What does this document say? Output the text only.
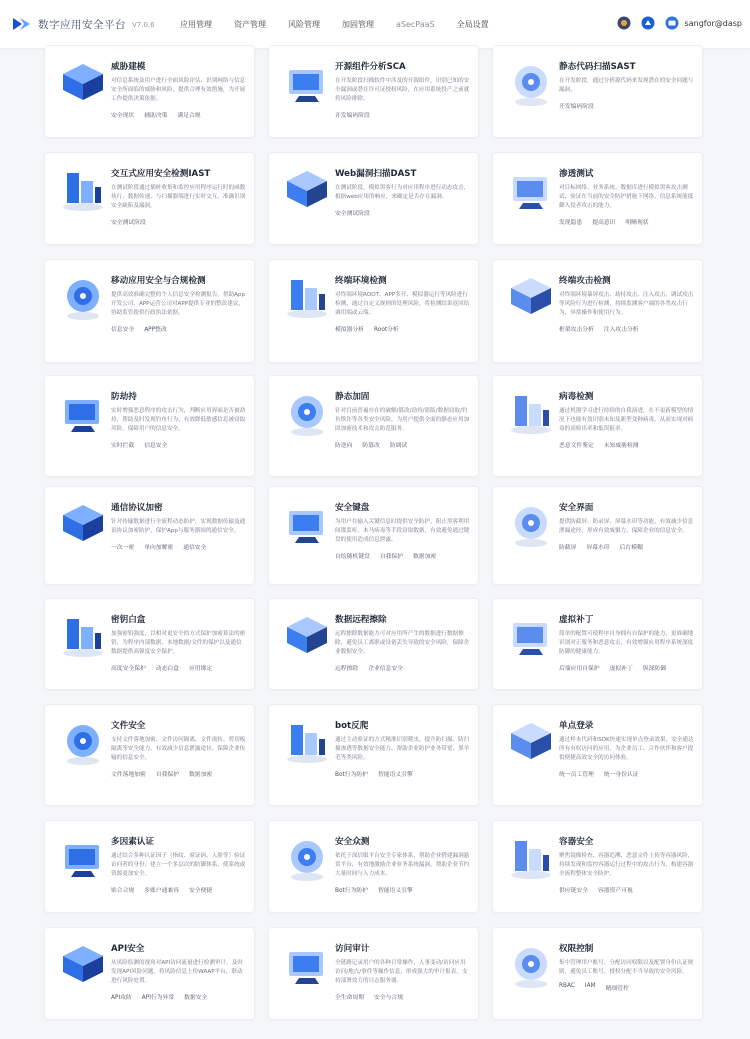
数字应用安全平台 V7.0.6	应用管理	资产管理	风险管理	加固管理	aSecPaaS	全局设置	sangfor@dasp
威胁建模
对信息系统及用户进行全面风险评估、识别网络与信息安全所面临的威胁和风险，提供合理有效措施，为开展工作提供决策依据。
安全现状 辅助决策 满足合规
开源组件分析SCA
在开发阶段扫描软件中涉及的开源组件，识别已知的安全漏洞或潜在许可证授权风险，在应用系统投产之前就将风险排除。
开发编码阶段
静态代码扫描SAST
在开发阶段，通过分析源代码来发现潜在的安全问题与漏洞。
开发编码阶段
交互式应用安全检测IAST
在测试阶段通过插桩收集和监控应用程序运行时的函数执行、数据传递、与扫描器端进行实时交互，准确识别安全缺陷及漏洞。
安全测试阶段
Web漏洞扫描DAST
在测试阶段，模拟黑客行为对应用程序进行动态攻击，根据web应用的响应，来确定是否存在漏洞。
安全测试阶段
渗透测试
对目标网络、业务系统、数据库进行模拟黑客攻击测试，验证在当前的安全防护措施下网络、信息系统能抵御入侵者攻击的能力。
发现隐患 提高意识 明晰现状
移动应用安全与合规检测
提供高效准确完整的个人信息安全检测报告，帮助App开发公司、APP运营公司对APP提供专业的整改建议，协助监管提供行政执法依据。
信息安全 APP整改
终端环境检测
对终端环境ROOT、APP多开、模拟器运行等风险进行检测，通过自定义规则的处理风险，将检测结果返回给调用端或云端。
模拟器分析 Root分析
终端攻击检测
对终端环境暴屏攻击、劫持攻击、注入攻击、调试攻击等风险行为进行检测，持续监测客户端的各类攻击行为，异常操作和使用行为。
框架攻击分析 注入攻击分析
防劫持
实时增强恶意程序的攻击行为，判断应用界面是否被劫持，帮助及时发现钓鱼行为，有效降低敏感信息被窃取风险，保障用户的信息安全。
实时拦截 信息安全
静态加固
针对目前普遍存在的破解/篡改/劫持/盗版/数据窃取/钓鱼欺诈等各类安全风险，为用户提供全面的静态应用加固加密技术和攻击防范服务。
防逆向 防篡改 防调试
病毒检测
通过机器学习进行持续的自我演进，在不更新模型的情况下也能有效识别未知及新型变种病毒，从而实现对病毒的高检出率和低误报率。
恶意文件鉴定 未知威胁检测
通信协议加密
针对传输数据进行全流程动态防护，实现数据传输及通讯协议加密防护，保护App与服务器间的通信安全。
一次一密 单向加解密 通信安全
安全键盘
为用户在输入关键信息时提供安全防护，阻止黑客利用间谍监听、木马病毒等手段窃取数据，有效避免通过键盘的使用造成信息泄露。
自绘随机键盘 自我保护 数据加密
安全界面
提供防截屏、防录屏、屏幕水印等功能，有效减少信息泄漏途径，形成有效威慑力，保障企业的信息安全。
防截屏 屏幕水印 后台模糊
密钥白盒
加强密钥强度，以相对更安全的方式保护加密算法的密钥，为程序内部数据、本地数据/文件的保护以及通信数据提供高强度安全保护。
高度安全保护 动态白盒 应用绑定
数据远程擦除
远程擦除数据能力可对应用所产生的数据进行数据擦除，避免员工离职或设备丢失导致的安全风险，保障企业数据安全。
远程擦除 企业信息安全
虚拟补丁
简单的配置可使程序自身拥有自保护的能力，更准确地识别对正服务和恶意攻击，有效增强应用程序系统深度防御的健康能力。
后端应用自保护 虚拟补丁 纵深防御
文件安全
支持文件落地加密、文件访问隔离、文件流转、剪切板隔离等安全能力，有效减少信息泄露途径，保障企业传输的信息安全。
文件落地加密 自我保护 数据加密
bot反爬
通过主动验证的方式精准识别爬虫，提升防扫描、防扫描渗透等数据安全能力，帮助企业防护业务带宽、黑羊毛等类风险。
Bot行为防护 智能语义引擎
单点登录
通过样本代码和SDK快速实现单点登录效果，安全通达所有有权访问的应用，为企业员工、合作伙伴和客户提供便捷高效安全的访问体验。
统一员工管理 统一身份认证
多因素认证
通过结合多种认证因子（指纹、验证码、人脸等）验证访问者的身份，建立一个多层次的防御体系，使系统或资源更加安全。
贴合合规 多账户通兼容 安全便捷
安全众测
依托于深信服平台安全专家体系，帮助企业搭建漏洞悬赏平台，有效地激励企业业务系统漏洞，帮助企业节约大量时间与人力成本。
Bot行为防护 智能语义引擎
容器安全
聚焦镜像检查、容器追溯、恶意文件上传等容器风险，持续发现和监控容器运行过程中的攻击行为，构建容器全流程整体安全防护。
供应链安全 容器资产可视
API安全
从风险监测的视角对API访问流量进行检测审计，及时发现API风险问题，将风险信息上传WAAP平台，联动进行风险处置。
API攻防 API行为异常 数据安全
访问审计
全链路记录用户的各种日常操作，人事变动/访问应用访问/地点/事件等操作信息，形成强大的审计报表，支持部署效力的日志服务器。
全生命周期 安全与合规
权限控制
集中管理用户账号、分配访问权限以及配置身份认证规则，避免员工账号、授权分配不当导致的安全风险。
RBAC IAM 精细管控
